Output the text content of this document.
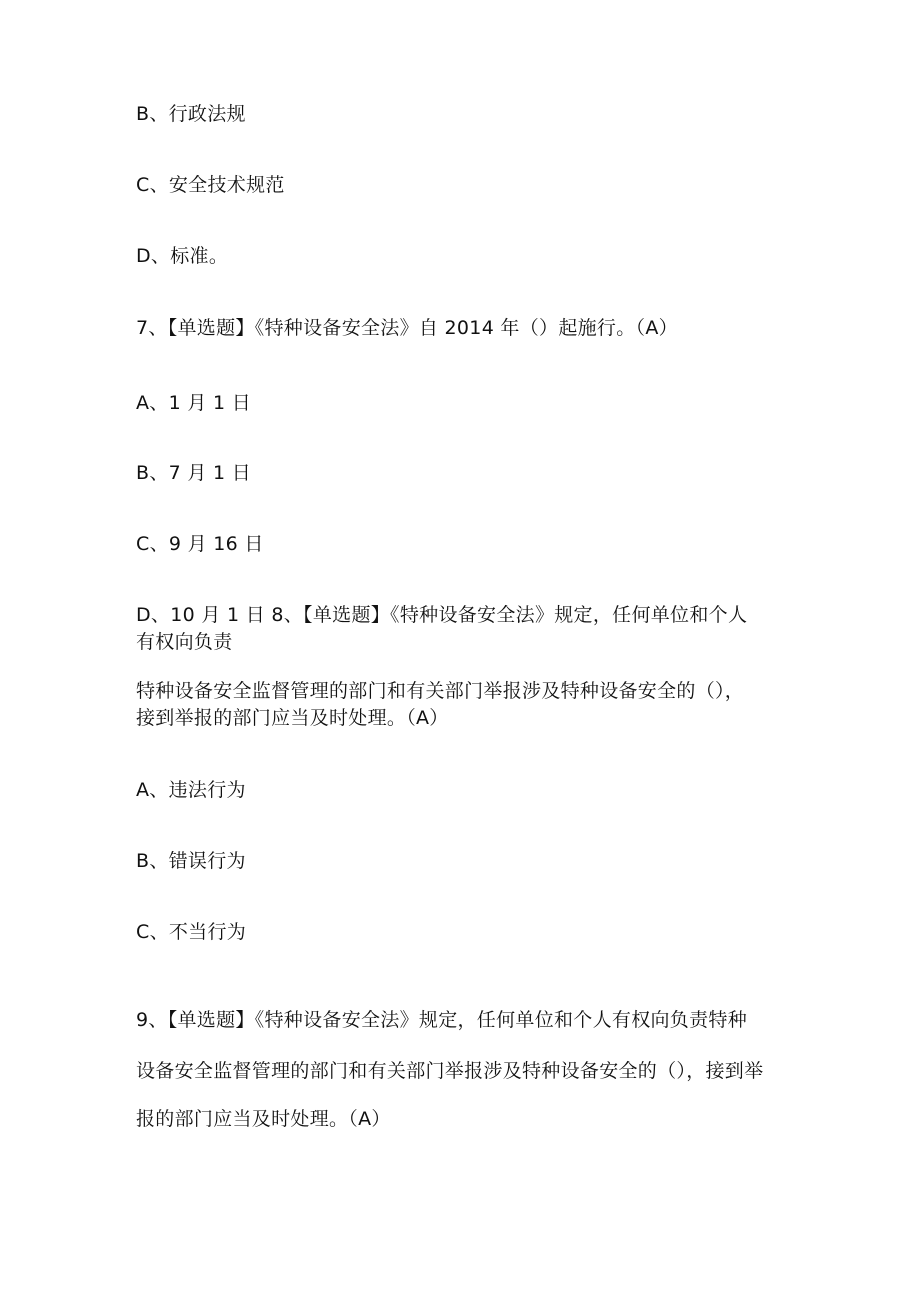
B、行政法规
C、安全技术规范
D、标准。
7、【单选题】《特种设备安全法》自 2014 年（）起施行。（A）
A、1 月 1 日
B、7 月 1 日
C、9 月 16 日
D、10 月 1 日 8、【单选题】《特种设备安全法》规定，任何单位和个人
有权向负责
特种设备安全监督管理的部门和有关部门举报涉及特种设备安全的（），
接到举报的部门应当及时处理。（A）
A、违法行为
B、错误行为
C、不当行为
9、【单选题】《特种设备安全法》规定，任何单位和个人有权向负责特种
设备安全监督管理的部门和有关部门举报涉及特种设备安全的（），接到举
报的部门应当及时处理。（A）
